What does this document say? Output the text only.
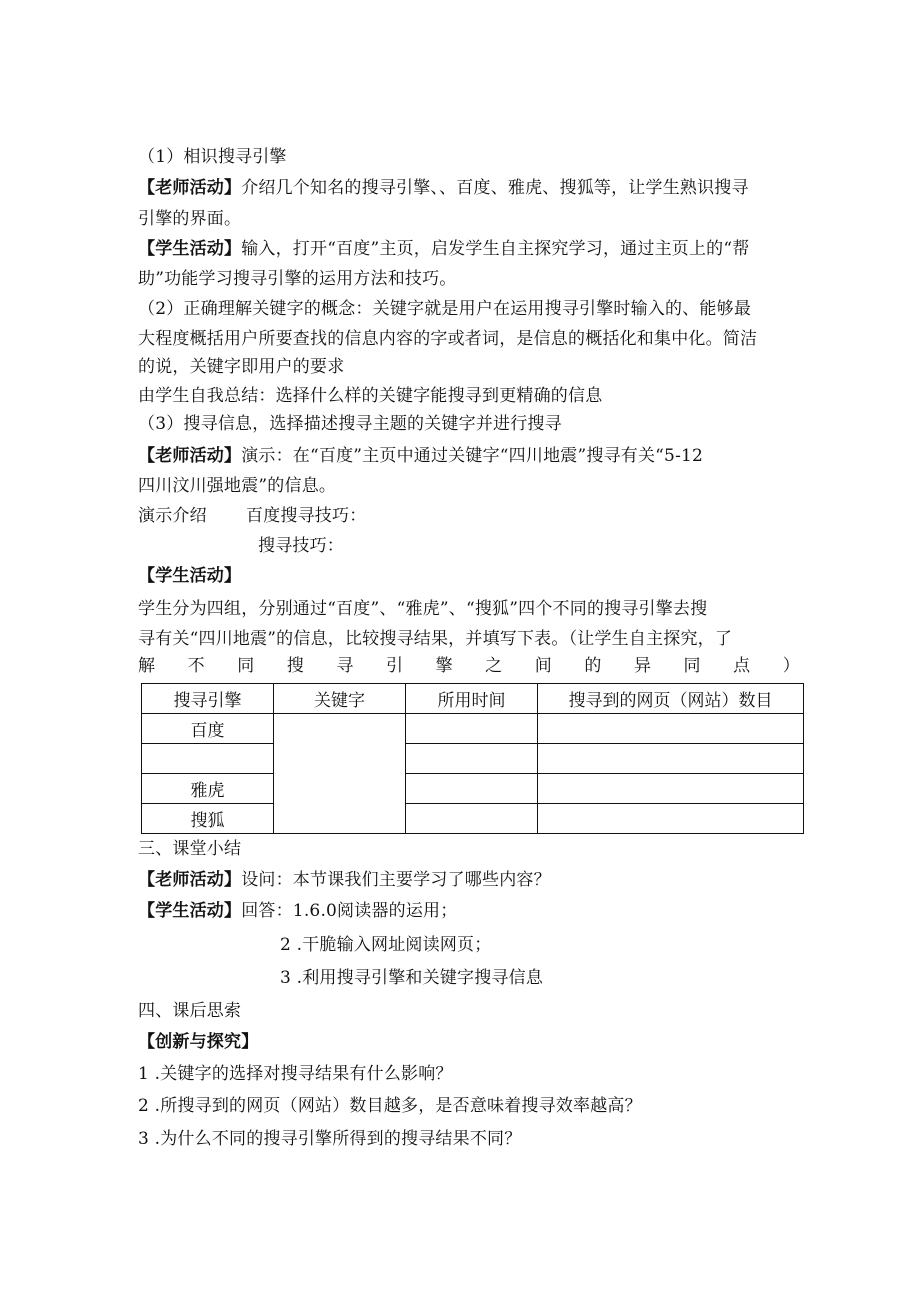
（1）相识搜寻引擎
【老师活动】介绍几个知名的搜寻引擎、、百度、雅虎、搜狐等，让学生熟识搜寻
引擎的界面。
【学生活动】输入，打开“百度”主页，启发学生自主探究学习，通过主页上的“帮
助”功能学习搜寻引擎的运用方法和技巧。
（2）正确理解关键字的概念：关键字就是用户在运用搜寻引擎时输入的、能够最
大程度概括用户所要查找的信息内容的字或者词，是信息的概括化和集中化。简洁
的说，关键字即用户的要求
由学生自我总结：选择什么样的关键字能搜寻到更精确的信息
（3）搜寻信息，选择描述搜寻主题的关键字并进行搜寻
【老师活动】演示：在“百度”主页中通过关键字“四川地震”搜寻有关“5-12
四川汶川强地震”的信息。
演示介绍	百度搜寻技巧：
搜寻技巧：
【学生活动】
学生分为四组，分别通过“百度”、“雅虎”、“搜狐”四个不同的搜寻引擎去搜
寻有关“四川地震”的信息，比较搜寻结果，并填写下表。（让学生自主探究，了
解 不 同 搜 寻 引 擎 之 间 的 异 同 点 ）
搜寻引擎	关键字	所用时间	搜寻到的网页（网站）数目
百度			

雅虎			
搜狐			
三、课堂小结
【老师活动】设问：本节课我们主要学习了哪些内容？
【学生活动】回答：1.6.0阅读器的运用；
2 .干脆输入网址阅读网页；
3 .利用搜寻引擎和关键字搜寻信息
四、课后思索
【创新与探究】
1 .关键字的选择对搜寻结果有什么影响？
2 .所搜寻到的网页（网站）数目越多，是否意味着搜寻效率越高？
3 .为什么不同的搜寻引擎所得到的搜寻结果不同？
